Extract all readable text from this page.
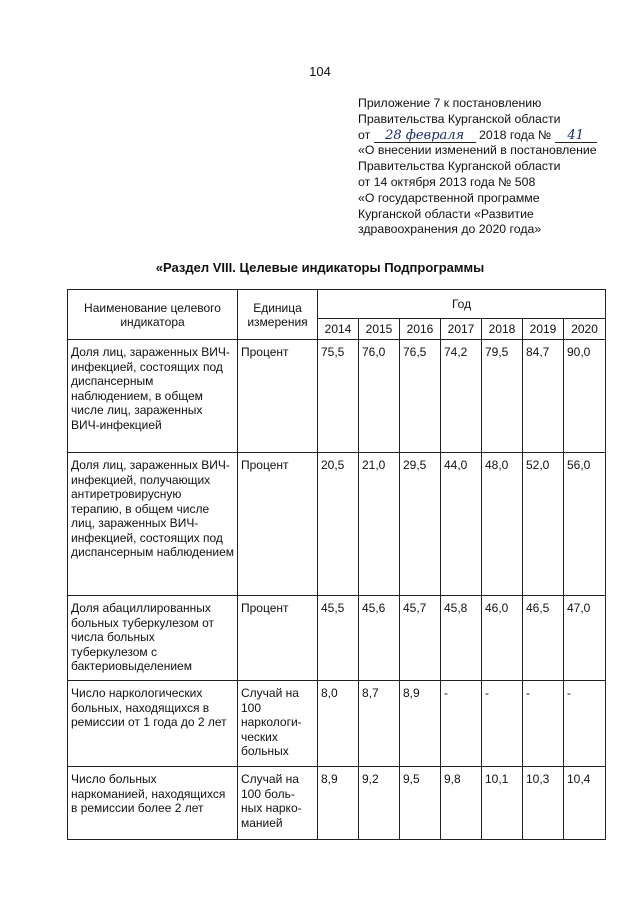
104
Приложение 7 к постановлению
Правительства Курганской области
от 28 февраля 2018 года № 41
«О внесении изменений в постановление
Правительства Курганской области
от 14 октября 2013 года № 508
«О государственной программе
Курганской области «Развитие
здравоохранения до 2020 года»
«Раздел VIII. Целевые индикаторы Подпрограммы
Наименование целевого индикатора	Единица измерения	Год						
		2014	2015	2016	2017	2018	2019	2020
Доля лиц, зараженных ВИЧ-инфекцией, состоящих под диспансерным наблюдением, в общем числе лиц, зараженных ВИЧ-инфекцией	Процент	75,5	76,0	76,5	74,2	79,5	84,7	90,0
Доля лиц, зараженных ВИЧ-инфекцией, получающих антиретровирусную терапию, в общем числе лиц, зараженных ВИЧ-инфекцией, состоящих под диспансерным наблюдением	Процент	20,5	21,0	29,5	44,0	48,0	52,0	56,0
Доля абациллированных больных туберкулезом от числа больных туберкулезом с бактериовыделением	Процент	45,5	45,6	45,7	45,8	46,0	46,5	47,0
Число наркологических больных, находящихся в ремиссии от 1 года до 2 лет	Случай на 100 наркологи-ческих больных	8,0	8,7	8,9	-	-	-	-
Число больных наркоманией, находящихся в ремиссии более 2 лет	Случай на 100 боль-ных нарко-манией	8,9	9,2	9,5	9,8	10,1	10,3	10,4
